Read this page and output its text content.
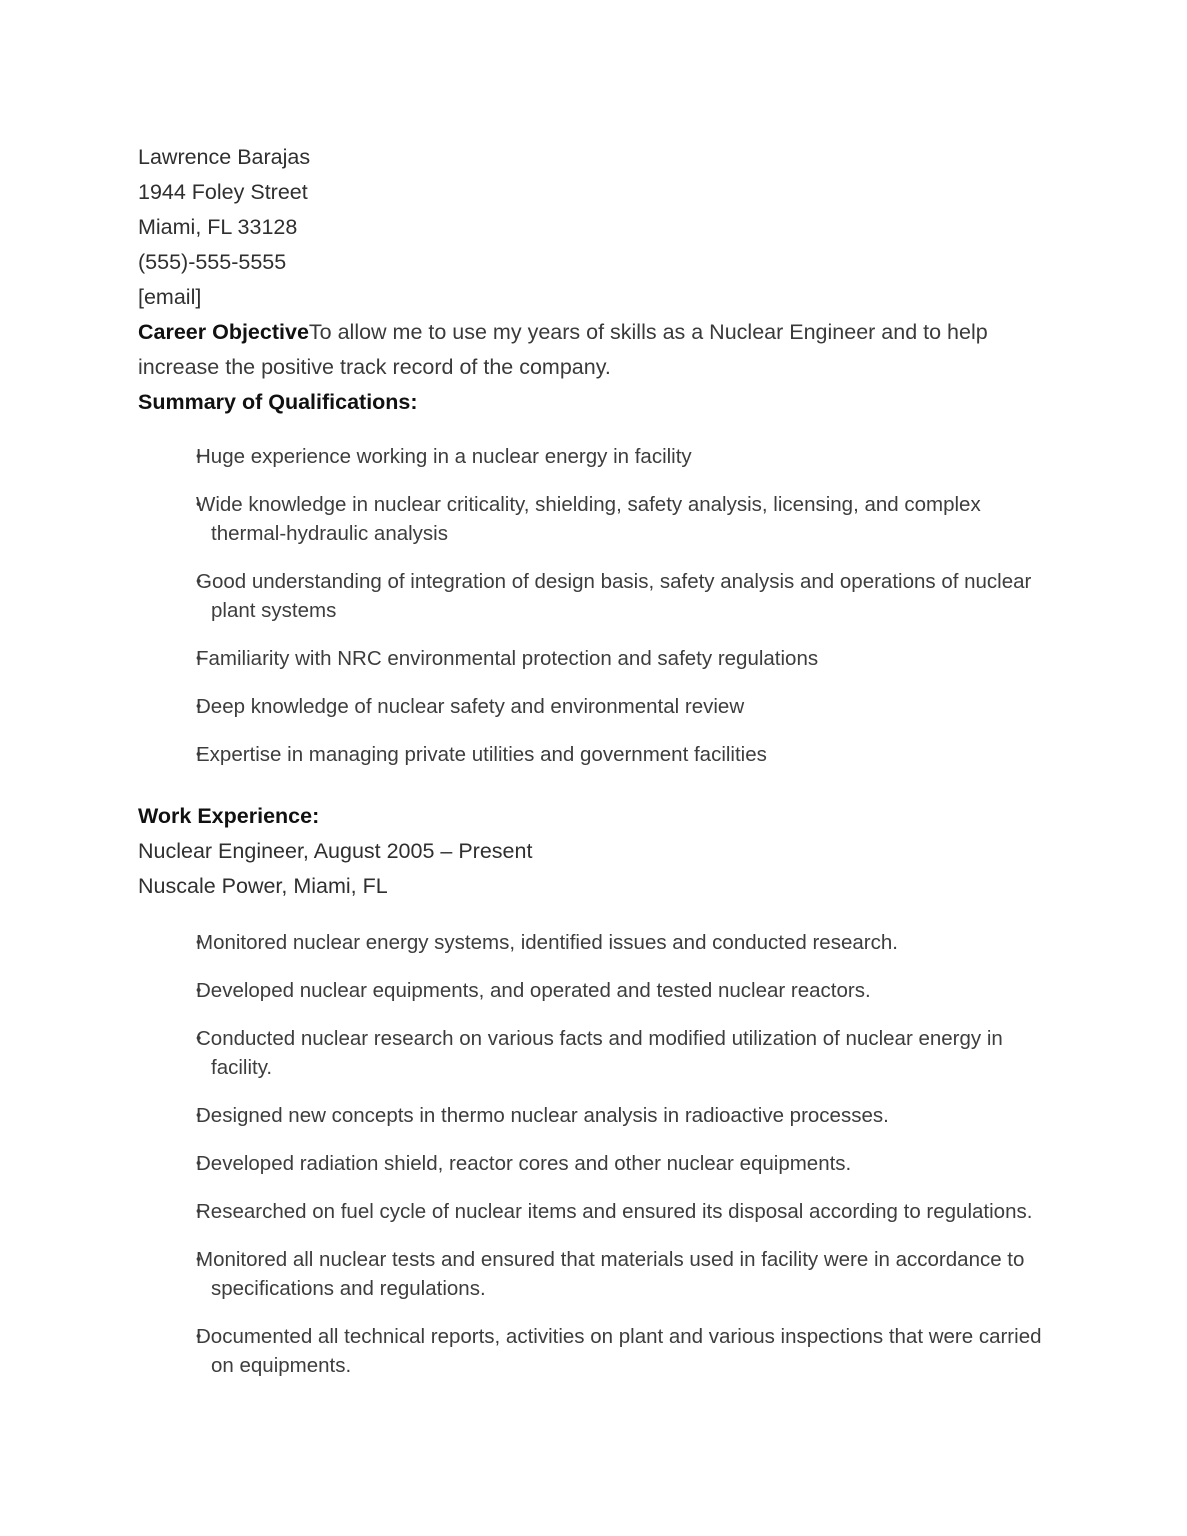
Lawrence Barajas
1944 Foley Street
Miami, FL 33128
(555)-555-5555
[email]

Career ObjectiveTo allow me to use my years of skills as a Nuclear Engineer and to help increase the positive track record of the company.

Summary of Qualifications:
• Huge experience working in a nuclear energy in facility
• Wide knowledge in nuclear criticality, shielding, safety analysis, licensing, and complex thermal-hydraulic analysis
• Good understanding of integration of design basis, safety analysis and operations of nuclear plant systems
• Familiarity with NRC environmental protection and safety regulations
• Deep knowledge of nuclear safety and environmental review
• Expertise in managing private utilities and government facilities
Work Experience:
Nuclear Engineer, August 2005 – Present
Nuscale Power, Miami, FL
• Monitored nuclear energy systems, identified issues and conducted research.
• Developed nuclear equipments, and operated and tested nuclear reactors.
• Conducted nuclear research on various facts and modified utilization of nuclear energy in facility.
• Designed new concepts in thermo nuclear analysis in radioactive processes.
• Developed radiation shield, reactor cores and other nuclear equipments.
• Researched on fuel cycle of nuclear items and ensured its disposal according to regulations.
• Monitored all nuclear tests and ensured that materials used in facility were in accordance to specifications and regulations.
• Documented all technical reports, activities on plant and various inspections that were carried on equipments.
